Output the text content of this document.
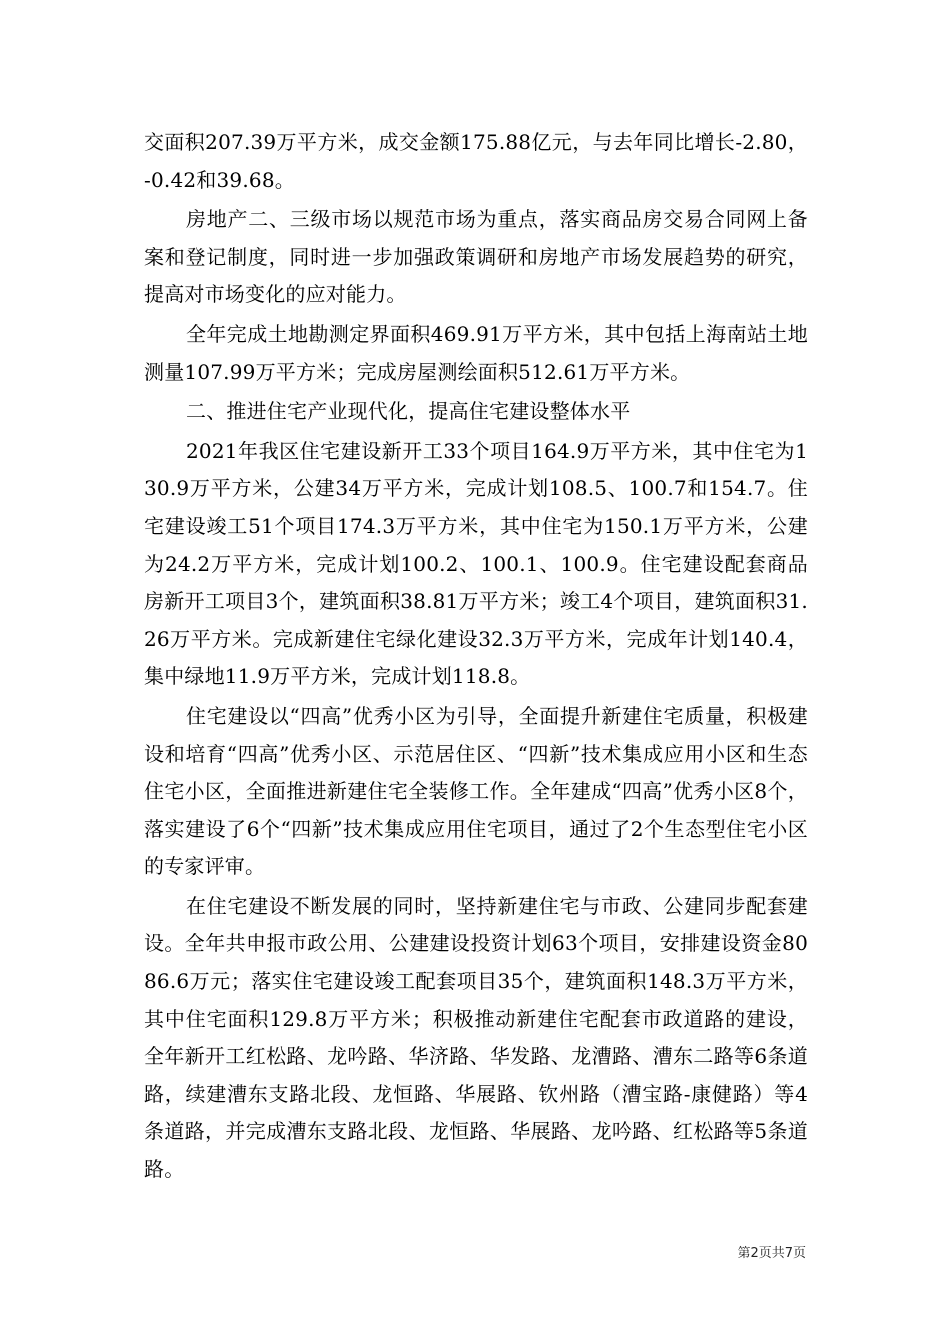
交面积207.39万平方米，成交金额175.88亿元，与去年同比增长-2.80，-0.42和39.68。

房地产二、三级市场以规范市场为重点，落实商品房交易合同网上备案和登记制度，同时进一步加强政策调研和房地产市场发展趋势的研究，提高对市场变化的应对能力。

全年完成土地勘测定界面积469.91万平方米，其中包括上海南站土地测量107.99万平方米；完成房屋测绘面积512.61万平方米。

二、推进住宅产业现代化，提高住宅建设整体水平

2021年我区住宅建设新开工33个项目164.9万平方米，其中住宅为130.9万平方米，公建34万平方米，完成计划108.5、100.7和154.7。住宅建设竣工51个项目174.3万平方米，其中住宅为150.1万平方米，公建为24.2万平方米，完成计划100.2、100.1、100.9。住宅建设配套商品房新开工项目3个，建筑面积38.81万平方米；竣工4个项目，建筑面积31.26万平方米。完成新建住宅绿化建设32.3万平方米，完成年计划140.4，集中绿地11.9万平方米，完成计划118.8。

住宅建设以“四高”优秀小区为引导，全面提升新建住宅质量，积极建设和培育“四高”优秀小区、示范居住区、“四新”技术集成应用小区和生态住宅小区，全面推进新建住宅全装修工作。全年建成“四高”优秀小区8个，落实建设了6个“四新”技术集成应用住宅项目，通过了2个生态型住宅小区的专家评审。

在住宅建设不断发展的同时，坚持新建住宅与市政、公建同步配套建设。全年共申报市政公用、公建建设投资计划63个项目，安排建设资金8086.6万元；落实住宅建设竣工配套项目35个，建筑面积148.3万平方米，其中住宅面积129.8万平方米；积极推动新建住宅配套市政道路的建设，全年新开工红松路、龙吟路、华济路、华发路、龙漕路、漕东二路等6条道路，续建漕东支路北段、龙恒路、华展路、钦州路（漕宝路-康健路）等4条道路，并完成漕东支路北段、龙恒路、华展路、龙吟路、红松路等5条道路。

第2页共7页
